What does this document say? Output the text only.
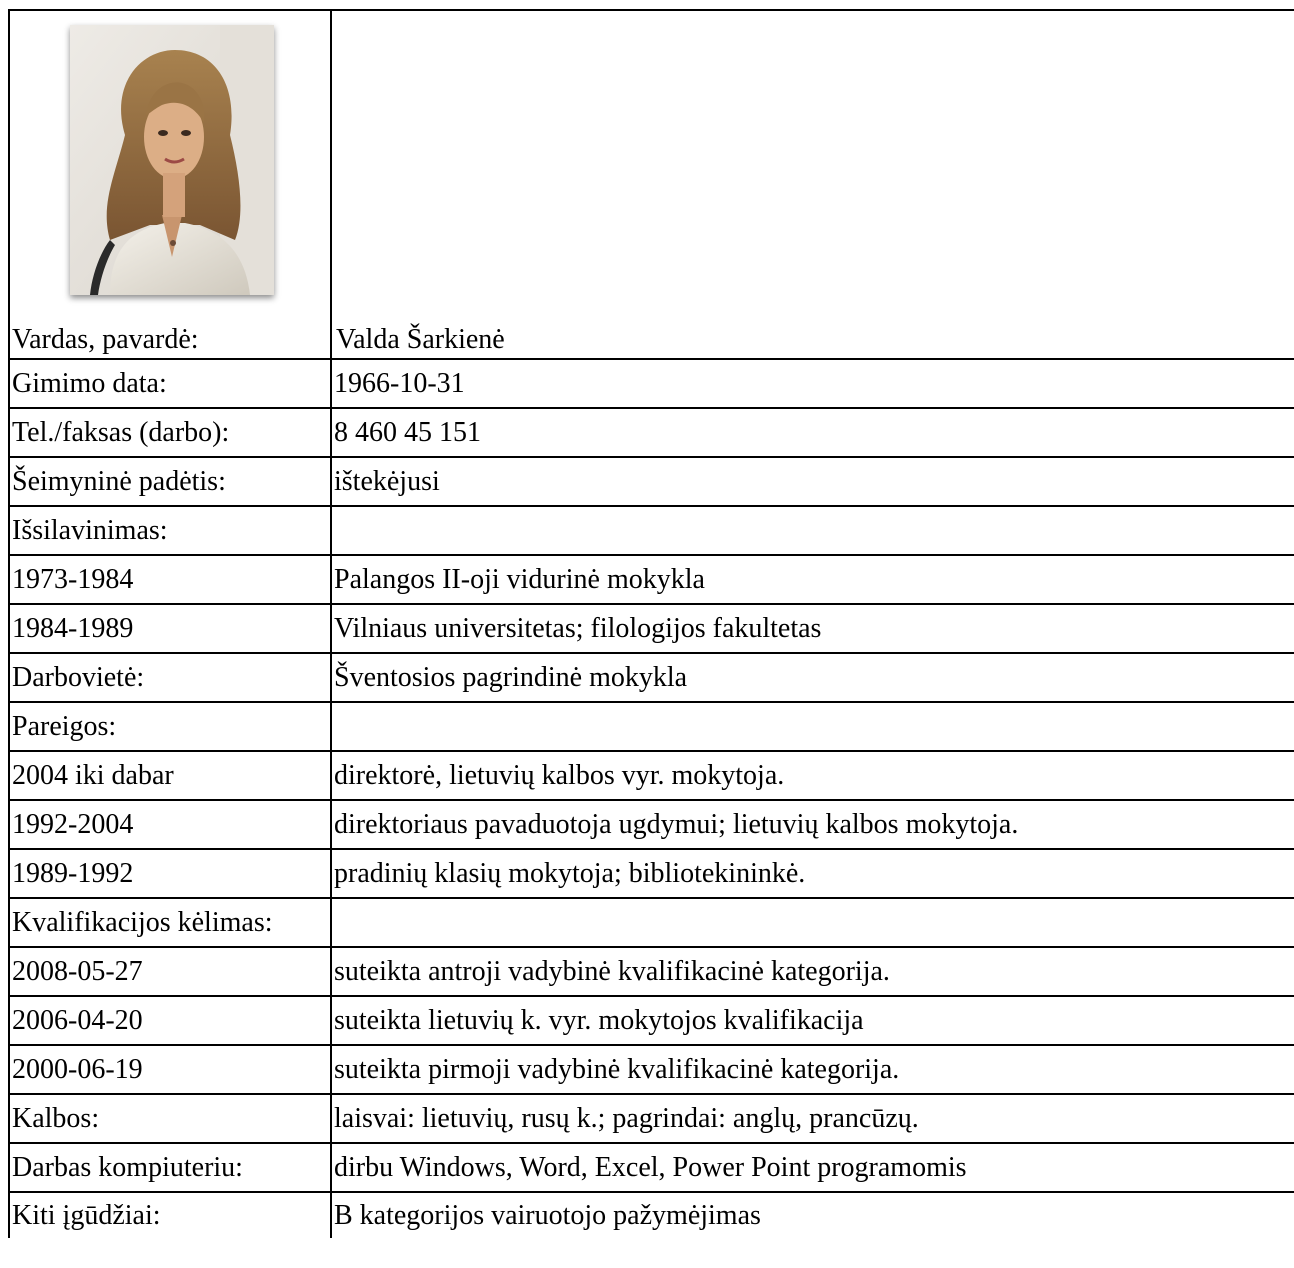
Vardas, pavardė:	Valda Šarkienė

Gimimo data:	1966-10-31
Tel./faksas (darbo):	8 460 45 151
Šeimyninė padėtis:	ištekėjusi
Išsilavinimas:	
1973-1984	Palangos II-oji vidurinė mokykla
1984-1989	Vilniaus universitetas; filologijos fakultetas
Darbovietė:	Šventosios pagrindinė mokykla
Pareigos:	
2004 iki dabar	direktorė, lietuvių kalbos vyr. mokytoja.
1992-2004	direktoriaus pavaduotoja ugdymui; lietuvių kalbos mokytoja.
1989-1992	pradinių klasių mokytoja; bibliotekininkė.
Kvalifikacijos kėlimas:	
2008-05-27	suteikta antroji vadybinė kvalifikacinė kategorija.
2006-04-20	suteikta lietuvių k. vyr. mokytojos kvalifikacija
2000-06-19	suteikta pirmoji vadybinė kvalifikacinė kategorija.
Kalbos:	laisvai: lietuvių, rusų k.; pagrindai: anglų, prancūzų.
Darbas kompiuteriu:	dirbu Windows, Word, Excel, Power Point programomis
Kiti įgūdžiai:	B kategorijos vairuotojo pažymėjimas
